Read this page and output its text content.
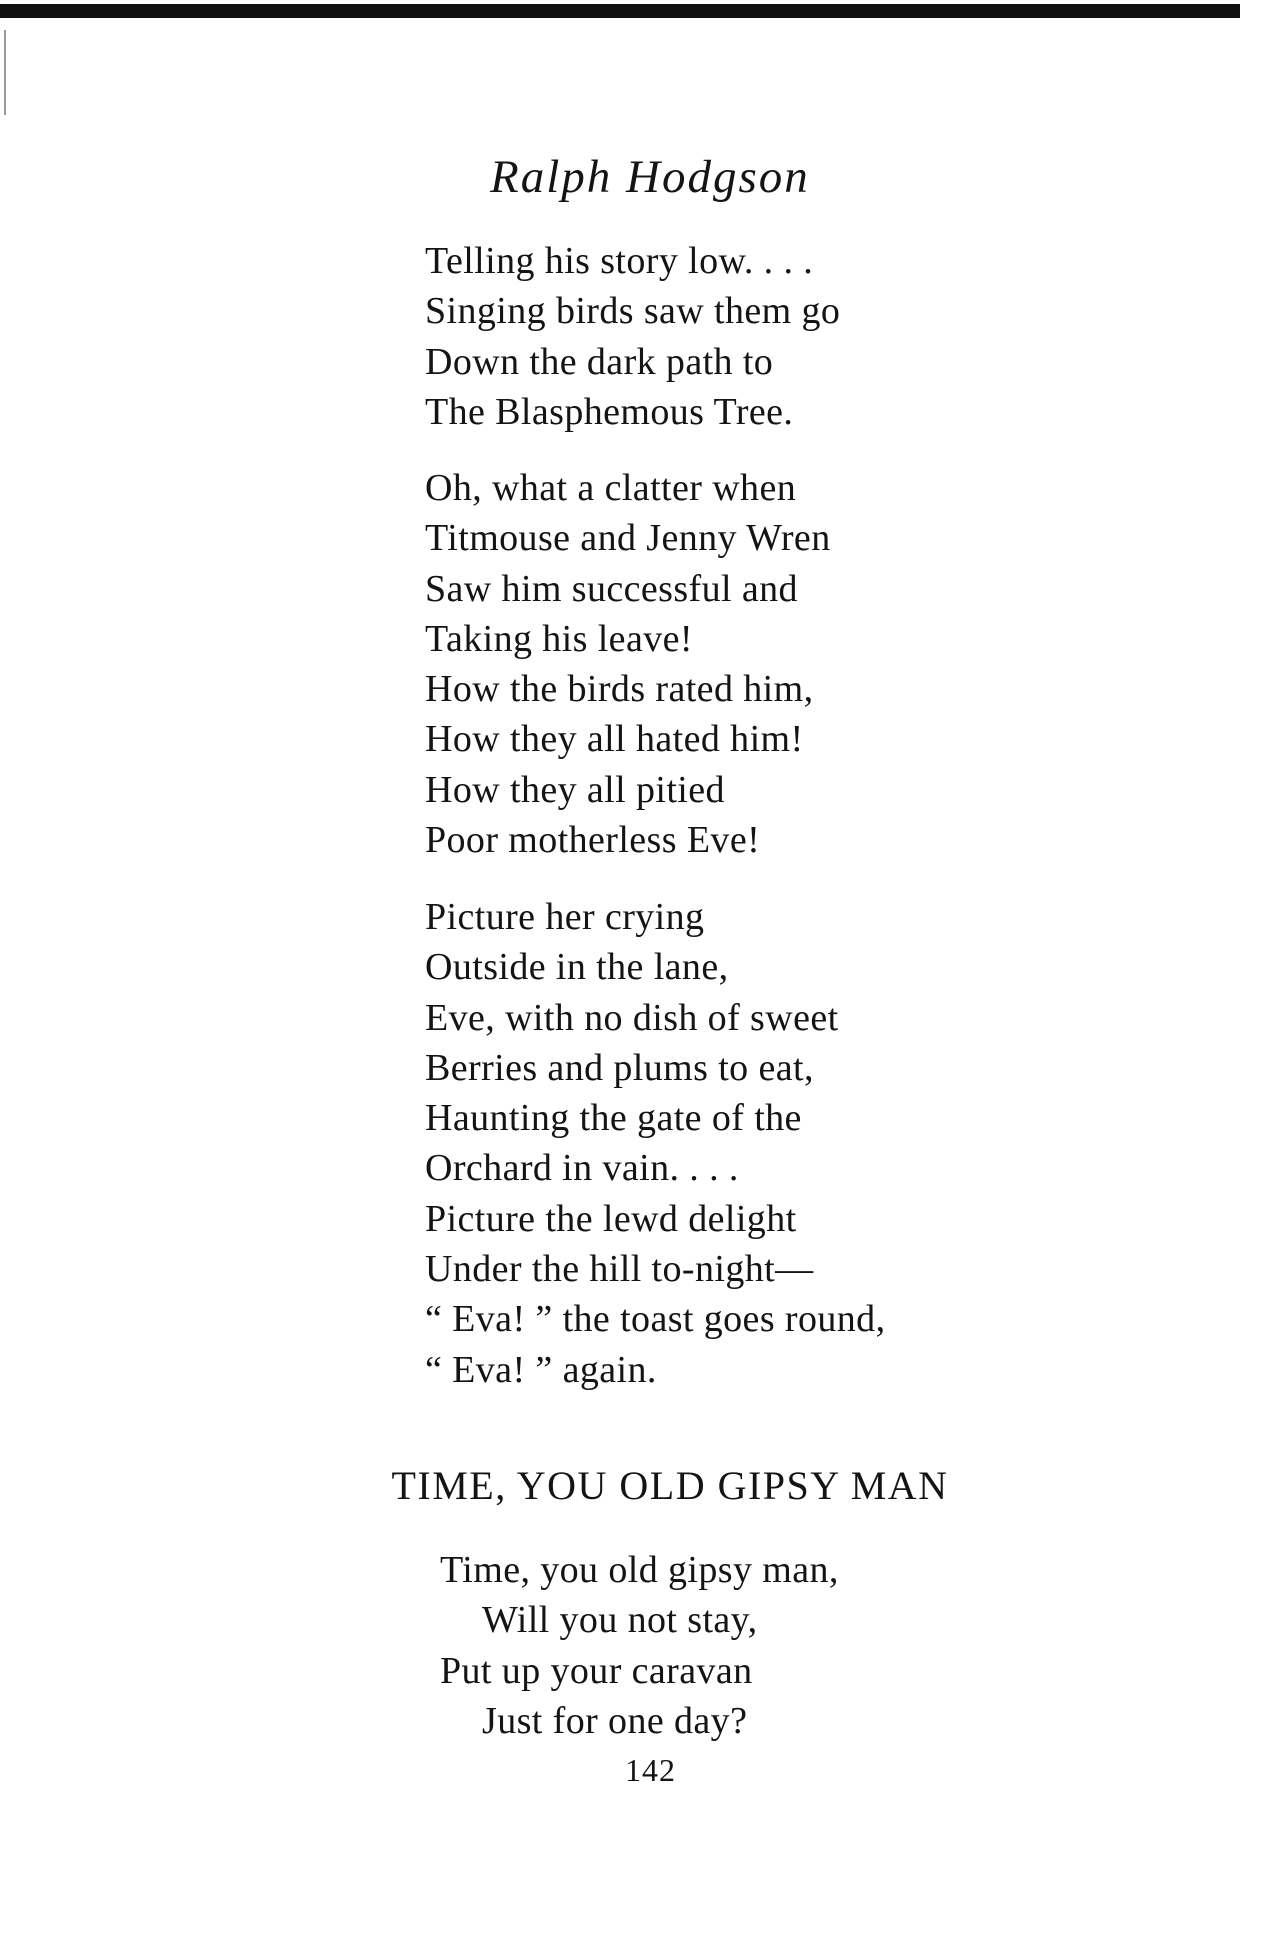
Ralph Hodgson
Telling his story low. . . .
Singing birds saw them go
Down the dark path to
The Blasphemous Tree.
Oh, what a clatter when
Titmouse and Jenny Wren
Saw him successful and
Taking his leave!
How the birds rated him,
How they all hated him!
How they all pitied
Poor motherless Eve!
Picture her crying
Outside in the lane,
Eve, with no dish of sweet
Berries and plums to eat,
Haunting the gate of the
Orchard in vain. . . .
Picture the lewd delight
Under the hill to-night—
“ Eva! ” the toast goes round,
“ Eva! ” again.
TIME, YOU OLD GIPSY MAN
Time, you old gipsy man,
Will you not stay,
Put up your caravan
Just for one day?
142
